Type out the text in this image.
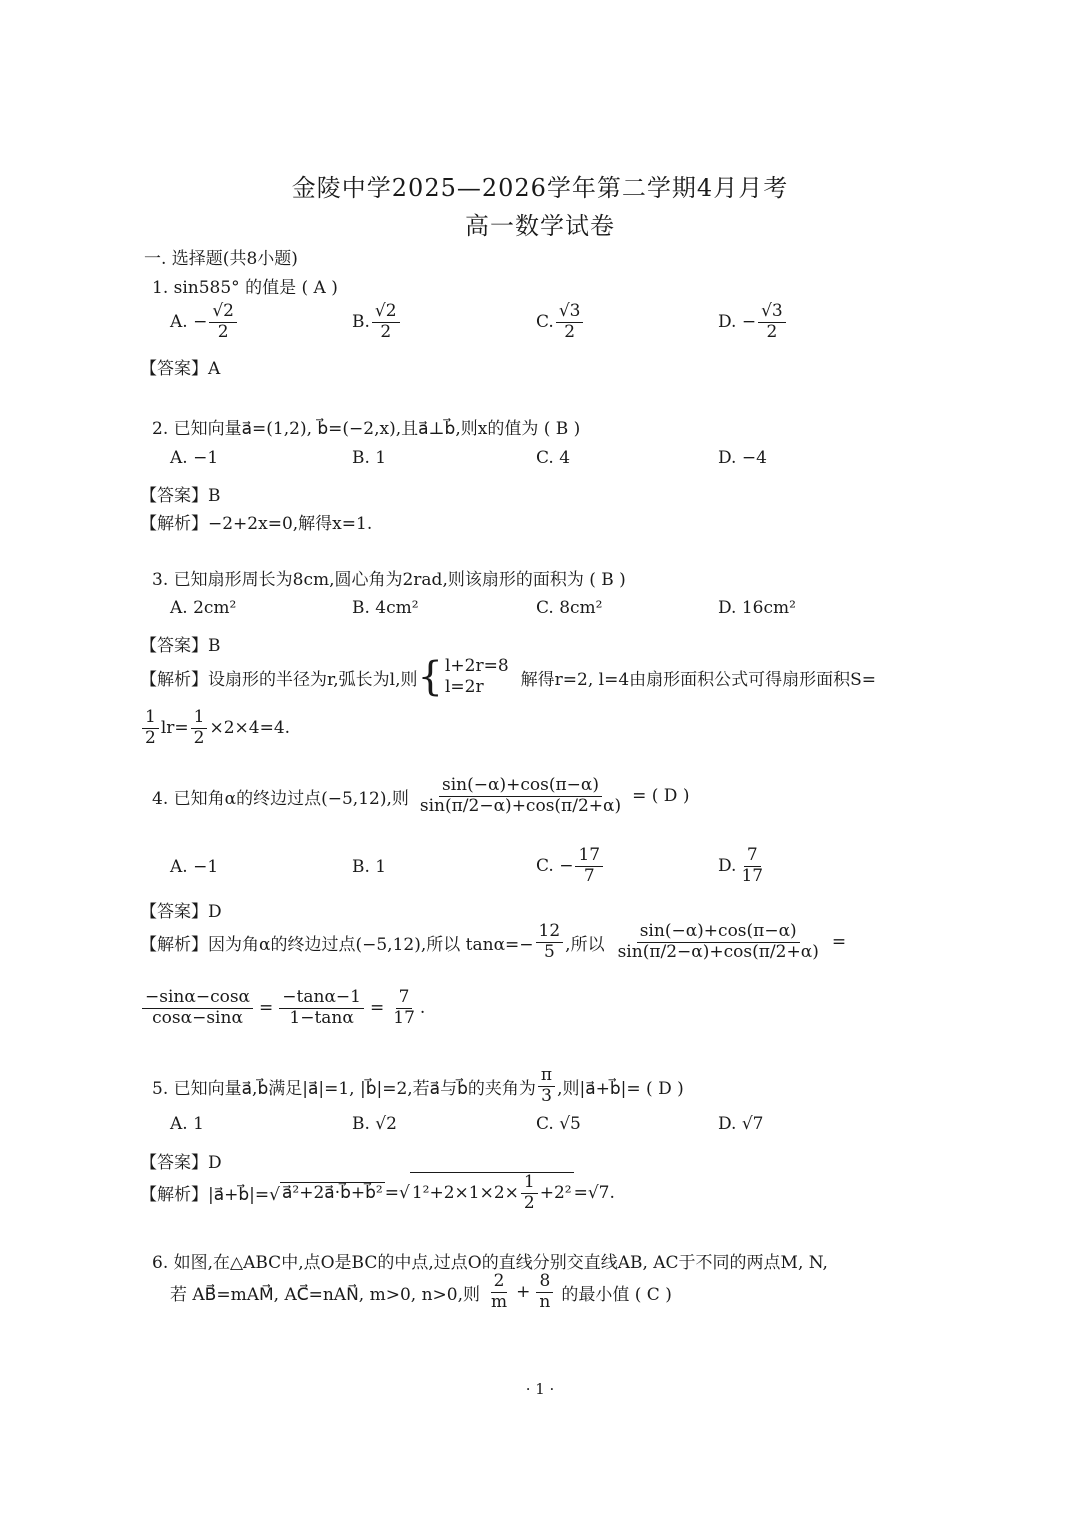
金陵中学2025—2026学年第二学期4月月考
高一数学试卷
一. 选择题(共8小题)
1. sin585° 的值是 ( A )
A. − $\frac{√2}{2}$	B. $\frac{√2}{2}$	C. $\frac{√3}{2}$	D. − $\frac{√3}{2}$
【答案】A
2. 已知向量a⃗=(1,2), b⃗=(−2,x),且a⃗⊥b⃗,则x的值为 ( B )
A. −1	B. 1	C. 4	D. −4
【答案】B
【解析】−2+2x=0,解得x=1.
3. 已知扇形周长为8cm,圆心角为2rad,则该扇形的面积为 ( B )
A. 2cm²	B. 4cm²	C. 8cm²	D. 16cm²
【答案】B
【解析】设扇形的半径为r,弧长为l,则 { l+2r=8
l=2r	解得r=2, l=4由扇形面积公式可得扇形面积S=
$\frac{1}{2} lr= \frac{1}{2} \times 2\times 4=4$.
4. 已知角α的终边过点(−5,12),则 $\frac{\sin(-\alpha)+\cos(\pi-\alpha)}{\sin(\pi/2-\alpha)+\cos(\pi/2+\alpha)}$ = ( D )
A. −1	B. 1	C. − $\frac{17}{7}$	D. $\frac{7}{17}$
【答案】D
【解析】因为角α的终边过点(−5,12),所以 $\tan\alpha=- \frac{12}{5}$ ,所以 $\frac{\sin(-\alpha)+\cos(\pi-\alpha)}{\sin(\pi/2-\alpha)+\cos(\pi/2+\alpha)}$ =
$\frac{-\sin\alpha-\cos\alpha}{\cos\alpha-\sin\alpha} = \frac{-\tan\alpha-1}{1-\tan\alpha} = \frac{7}{17}$ .
5. 已知向量a⃗,b⃗满足|a⃗|=1, |b⃗|=2,若a⃗与b⃗的夹角为 $\frac{\pi}{3}$ ,则|a⃗+b⃗|= ( D )
A. 1	B. √2	C. √5	D. √7
【答案】D
【解析】|a⃗+b⃗|=√ a⃗²+2a⃗·b⃗+b⃗² =√ $1^2+2\times 1\times 2\times \frac{1}{2} +2^2 =√7$.
6. 如图,在△ABC中,点O是BC的中点,过点O的直线分别交直线AB, AC于不同的两点M, N,
若 AB⃗=mAM⃗, AC⃗=nAN⃗, m>0, n>0,则 $\frac{2}{m} + \frac{8}{n}$ 的最小值 ( C )
· 1 ·
